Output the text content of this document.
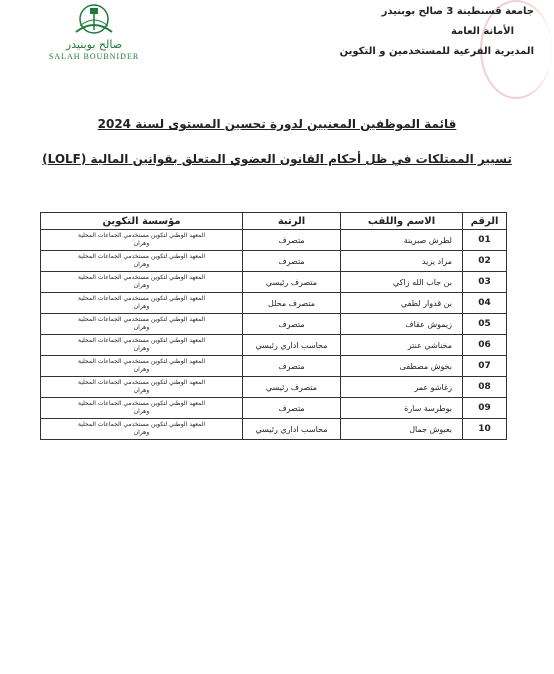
صالح بوبنيدر
SALAH BOUBNIDER
جامعة قسنطينة 3 صالح بوبنيدر
الأمانة العامة
المديرية الفرعية للمستخدمين و التكوين
قائمة الموظفين المعنيين لدورة تحسين المستوى لسنة 2024
تسيير الممتلكات في ظل أحكام القانون العضوي المتعلق بقوانين المالية (LOLF)
الرقم	الاسم واللقب	الرتبة	مؤسسة التكوين
01	لطرش صبرينة	متصرف	المعهد الوطني لتكوين مستخدمي الجماعات المحلية
وهران

02	مراد يزيد	متصرف	المعهد الوطني لتكوين مستخدمي الجماعات المحلية
وهران

03	بن جاب الله زاكي	متصرف رئيسي	المعهد الوطني لتكوين مستخدمي الجماعات المحلية
وهران

04	بن قدوار لطفي	متصرف محلل	المعهد الوطني لتكوين مستخدمي الجماعات المحلية
وهران

05	زيموش عقاف	متصرف	المعهد الوطني لتكوين مستخدمي الجماعات المحلية
وهران

06	مخناشي عنتر	محاسب اداري رئيسي	المعهد الوطني لتكوين مستخدمي الجماعات المحلية
وهران

07	بخوش مصطفى	متصرف	المعهد الوطني لتكوين مستخدمي الجماعات المحلية
وهران

08	زغاشو عمر	متصرف رئيسي	المعهد الوطني لتكوين مستخدمي الجماعات المحلية
وهران

09	بوطرسة سارة	متصرف	المعهد الوطني لتكوين مستخدمي الجماعات المحلية
وهران

10	بعبوش جمال	محاسب اداري رئيسي	المعهد الوطني لتكوين مستخدمي الجماعات المحلية
وهران
